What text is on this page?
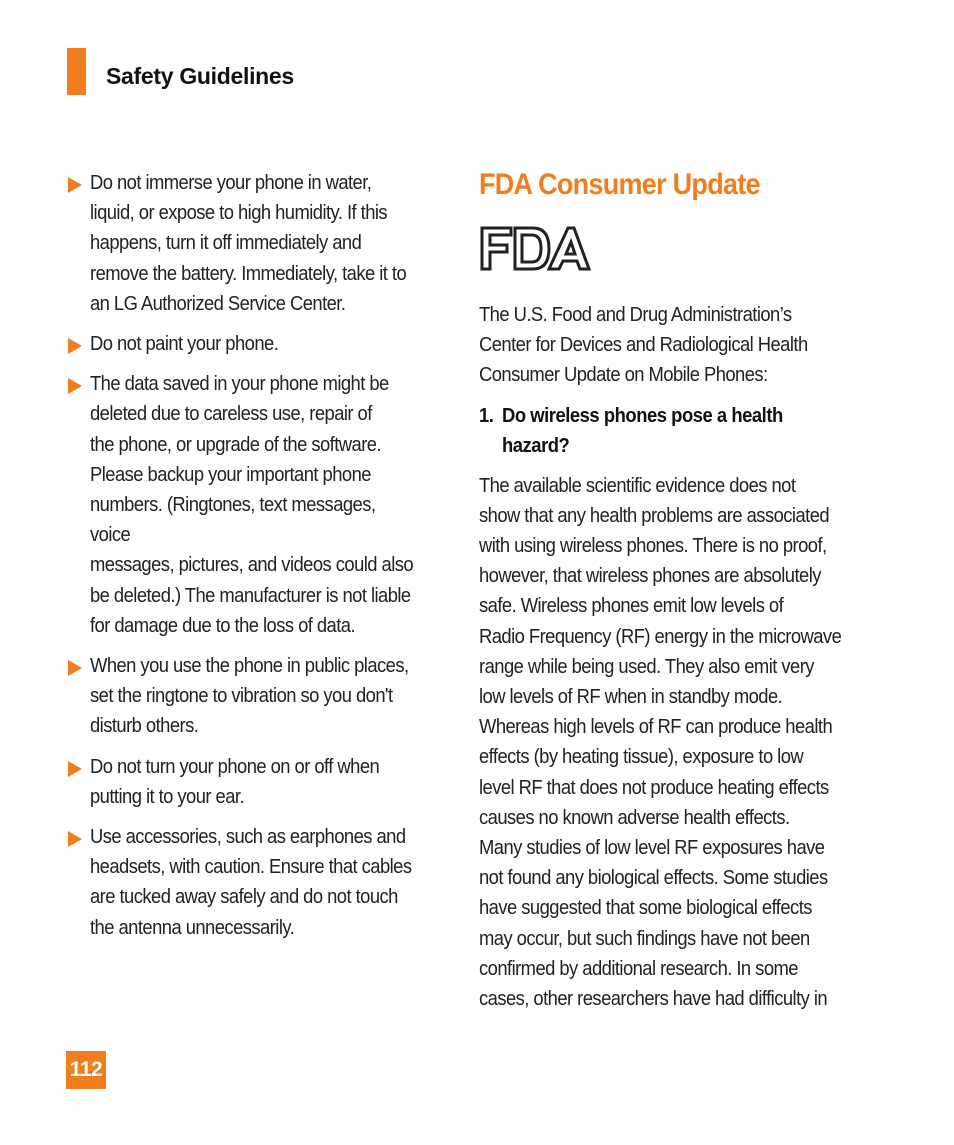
Safety Guidelines
Do not immerse your phone in water,
liquid, or expose to high humidity. If this
happens, turn it off immediately and
remove the battery. Immediately, take it to
an LG Authorized Service Center.
Do not paint your phone.
The data saved in your phone might be
deleted due to careless use, repair of
the phone, or upgrade of the software.
Please backup your important phone
numbers. (Ringtones, text messages, voice
messages, pictures, and videos could also
be deleted.) The manufacturer is not liable
for damage due to the loss of data.
When you use the phone in public places,
set the ringtone to vibration so you don't
disturb others.
Do not turn your phone on or off when
putting it to your ear.
Use accessories, such as earphones and
headsets, with caution. Ensure that cables
are tucked away safely and do not touch
the antenna unnecessarily.
FDA Consumer Update

The U.S. Food and Drug Administration’s
Center for Devices and Radiological Health
Consumer Update on Mobile Phones:

1. Do wireless phones pose a health
hazard?

The available scientific evidence does not
show that any health problems are associated
with using wireless phones. There is no proof,
however, that wireless phones are absolutely
safe. Wireless phones emit low levels of
Radio Frequency (RF) energy in the microwave
range while being used. They also emit very
low levels of RF when in standby mode.
Whereas high levels of RF can produce health
effects (by heating tissue), exposure to low
level RF that does not produce heating effects
causes no known adverse health effects.
Many studies of low level RF exposures have
not found any biological effects. Some studies
have suggested that some biological effects
may occur, but such findings have not been
confirmed by additional research. In some
cases, other researchers have had difficulty in

112
